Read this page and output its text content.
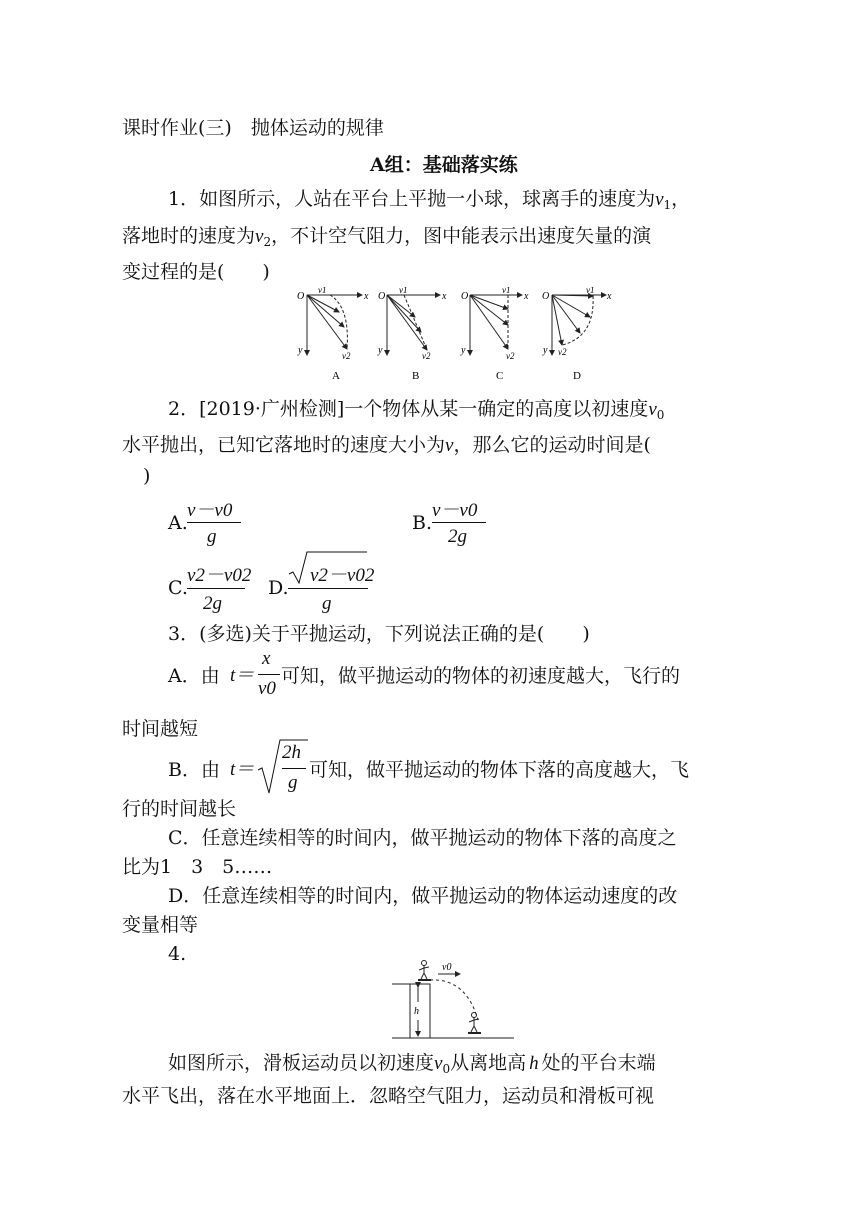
课时作业(三)　抛体运动的规律
A组：基础落实练
1．如图所示，人站在平台上平抛一小球，球离手的速度为$v_1$，
落地时的速度为$v_2$，不计空气阻力，图中能表示出速度矢量的演
变过程的是(　　)
O
v1
x
y	v2
A
O
v1
x
y	v2
B
O
v1
x
y	v2
C
O
v1
x
y v2
D
2．[2019·广州检测]一个物体从某一确定的高度以初速度$v_0$
水平抛出，已知它落地时的速度大小为v，那么它的运动时间是(
)
A.
v－v0
g
B.
v－v0
2g
C.
v2－v02
2g
D.
v2－v02
g
3．(多选)关于平抛运动，下列说法正确的是(　　)
A．由 t＝
x
v0
可知，做平抛运动的物体的初速度越大，飞行的
时间越短
B．由 t＝
2h
g
可知，做平抛运动的物体下落的高度越大，飞
行的时间越长
C．任意连续相等的时间内，做平抛运动的物体下落的高度之
比为1　3　5……
D．任意连续相等的时间内，做平抛运动的物体运动速度的改
变量相等
4.
v0
h
如图所示，滑板运动员以初速度$v_0$从离地高 h 处的平台末端
水平飞出，落在水平地面上．忽略空气阻力，运动员和滑板可视
